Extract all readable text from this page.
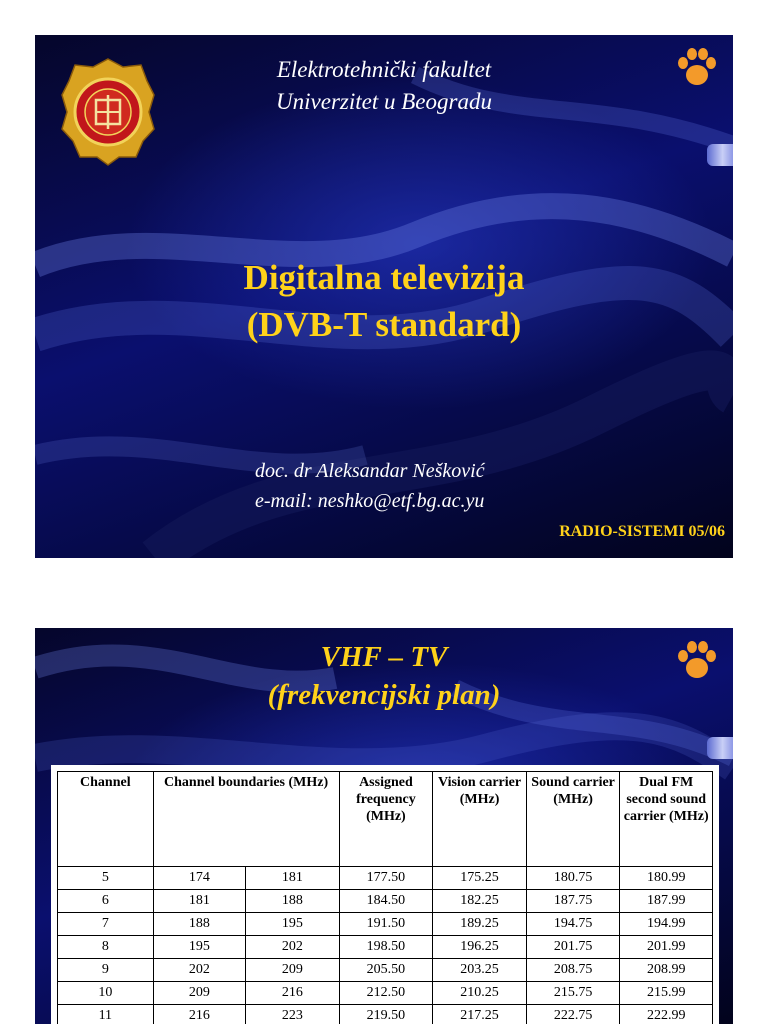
Elektrotehnički fakultet
Univerzitet u Beogradu
Digitalna televizija
(DVB-T standard)
doc. dr Aleksandar Nešković
e-mail: neshko@etf.bg.ac.yu
RADIO-SISTEMI 05/06
VHF – TV
(frekvencijski plan)
Channel	Channel boundaries (MHz)		Assigned frequency (MHz)	Vision carrier (MHz)	Sound carrier (MHz)	Dual FM second sound carrier (MHz)
5	174	181	177.50	175.25	180.75	180.99
6	181	188	184.50	182.25	187.75	187.99
7	188	195	191.50	189.25	194.75	194.99
8	195	202	198.50	196.25	201.75	201.99
9	202	209	205.50	203.25	208.75	208.99
10	209	216	212.50	210.25	215.75	215.99
11	216	223	219.50	217.25	222.75	222.99
